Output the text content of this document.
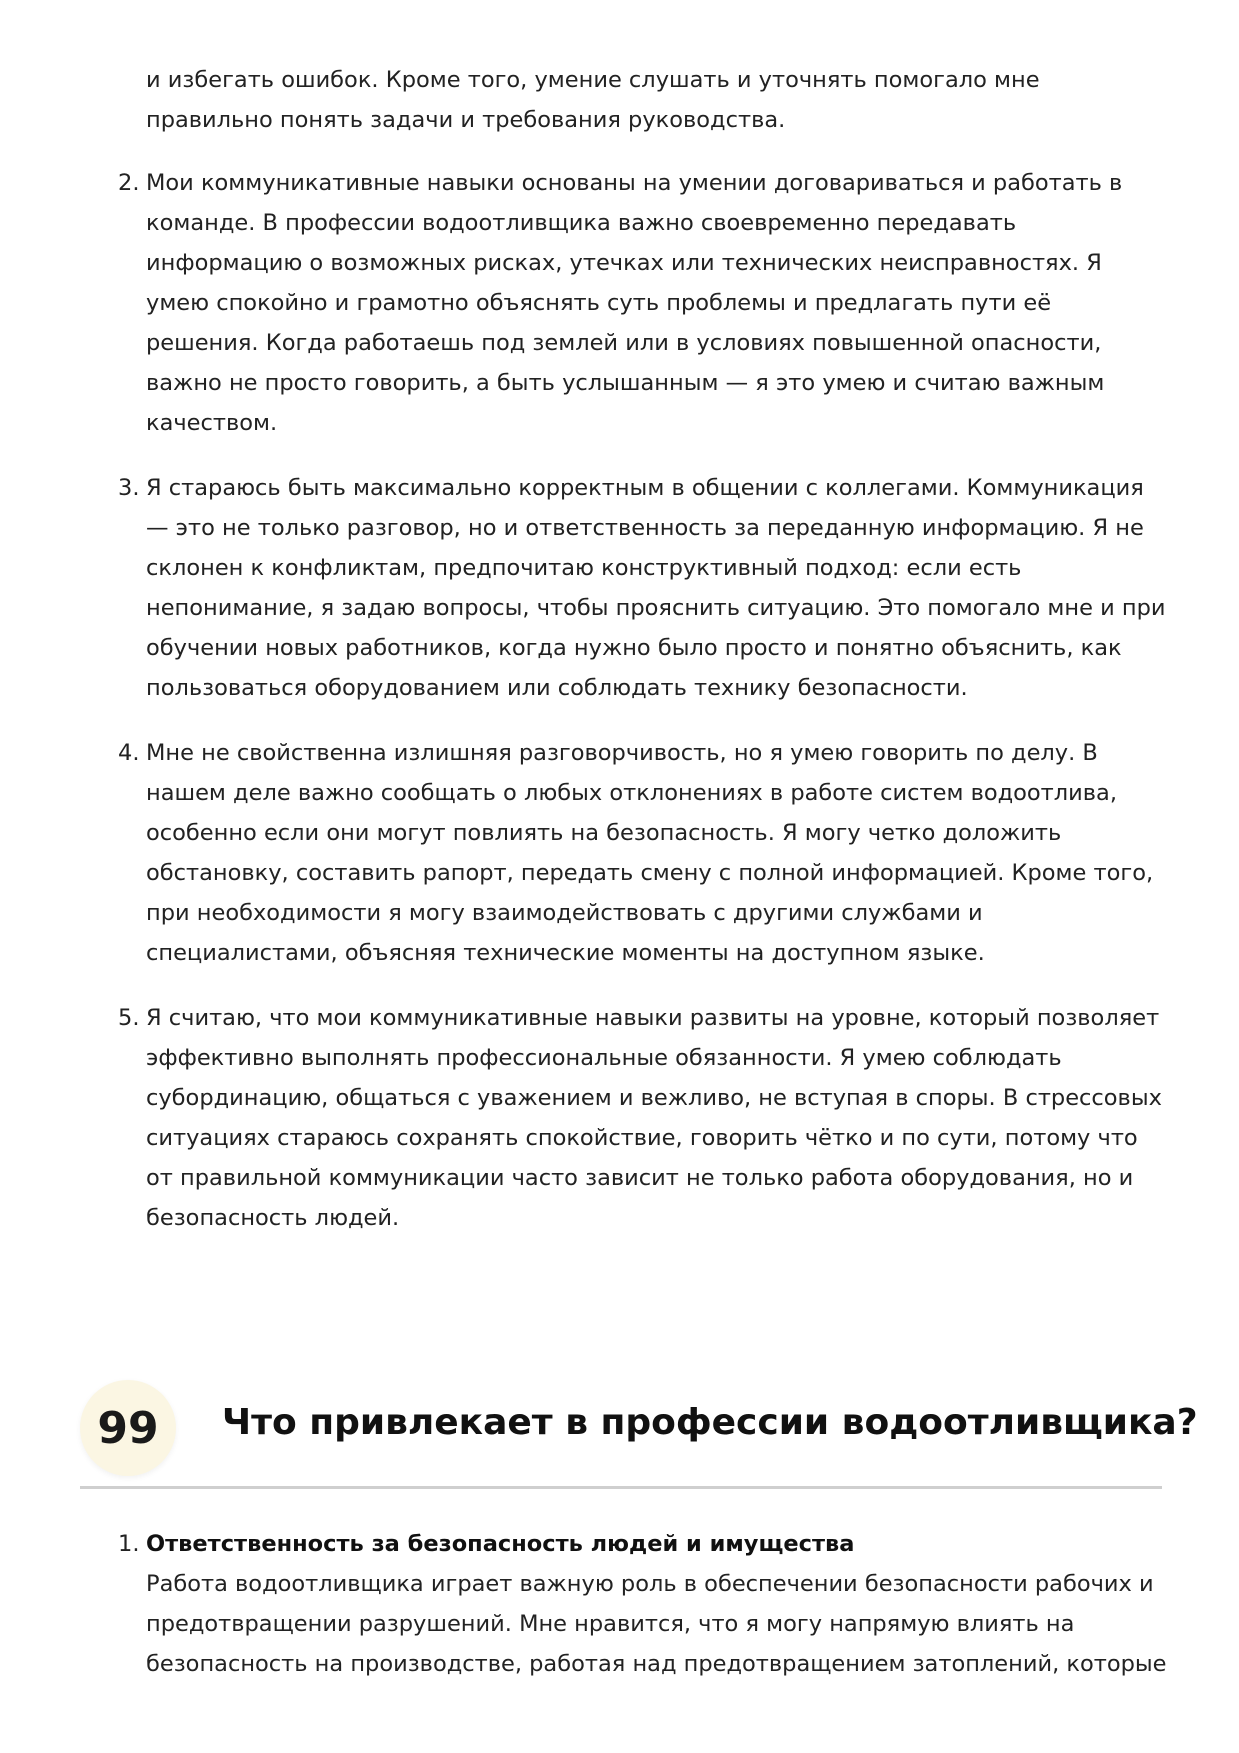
и избегать ошибок. Кроме того, умение слушать и уточнять помогало мне правильно понять задачи и требования руководства.
2. Мои коммуникативные навыки основаны на умении договариваться и работать в команде. В профессии водоотливщика важно своевременно передавать информацию о возможных рисках, утечках или технических неисправностях. Я умею спокойно и грамотно объяснять суть проблемы и предлагать пути её решения. Когда работаешь под землей или в условиях повышенной опасности, важно не просто говорить, а быть услышанным — я это умею и считаю важным качеством.
3. Я стараюсь быть максимально корректным в общении с коллегами. Коммуникация — это не только разговор, но и ответственность за переданную информацию. Я не склонен к конфликтам, предпочитаю конструктивный подход: если есть непонимание, я задаю вопросы, чтобы прояснить ситуацию. Это помогало мне и при обучении новых работников, когда нужно было просто и понятно объяснить, как пользоваться оборудованием или соблюдать технику безопасности.
4. Мне не свойственна излишняя разговорчивость, но я умею говорить по делу. В нашем деле важно сообщать о любых отклонениях в работе систем водоотлива, особенно если они могут повлиять на безопасность. Я могу четко доложить обстановку, составить рапорт, передать смену с полной информацией. Кроме того, при необходимости я могу взаимодействовать с другими службами и специалистами, объясняя технические моменты на доступном языке.
5. Я считаю, что мои коммуникативные навыки развиты на уровне, который позволяет эффективно выполнять профессиональные обязанности. Я умею соблюдать субординацию, общаться с уважением и вежливо, не вступая в споры. В стрессовых ситуациях стараюсь сохранять спокойствие, говорить чётко и по сути, потому что от правильной коммуникации часто зависит не только работа оборудования, но и безопасность людей.
99	Что привлекает в профессии водоотливщика?
1. Ответственность за безопасность людей и имущества
Работа водоотливщика играет важную роль в обеспечении безопасности рабочих и предотвращении разрушений. Мне нравится, что я могу напрямую влиять на безопасность на производстве, работая над предотвращением затоплений, которые
